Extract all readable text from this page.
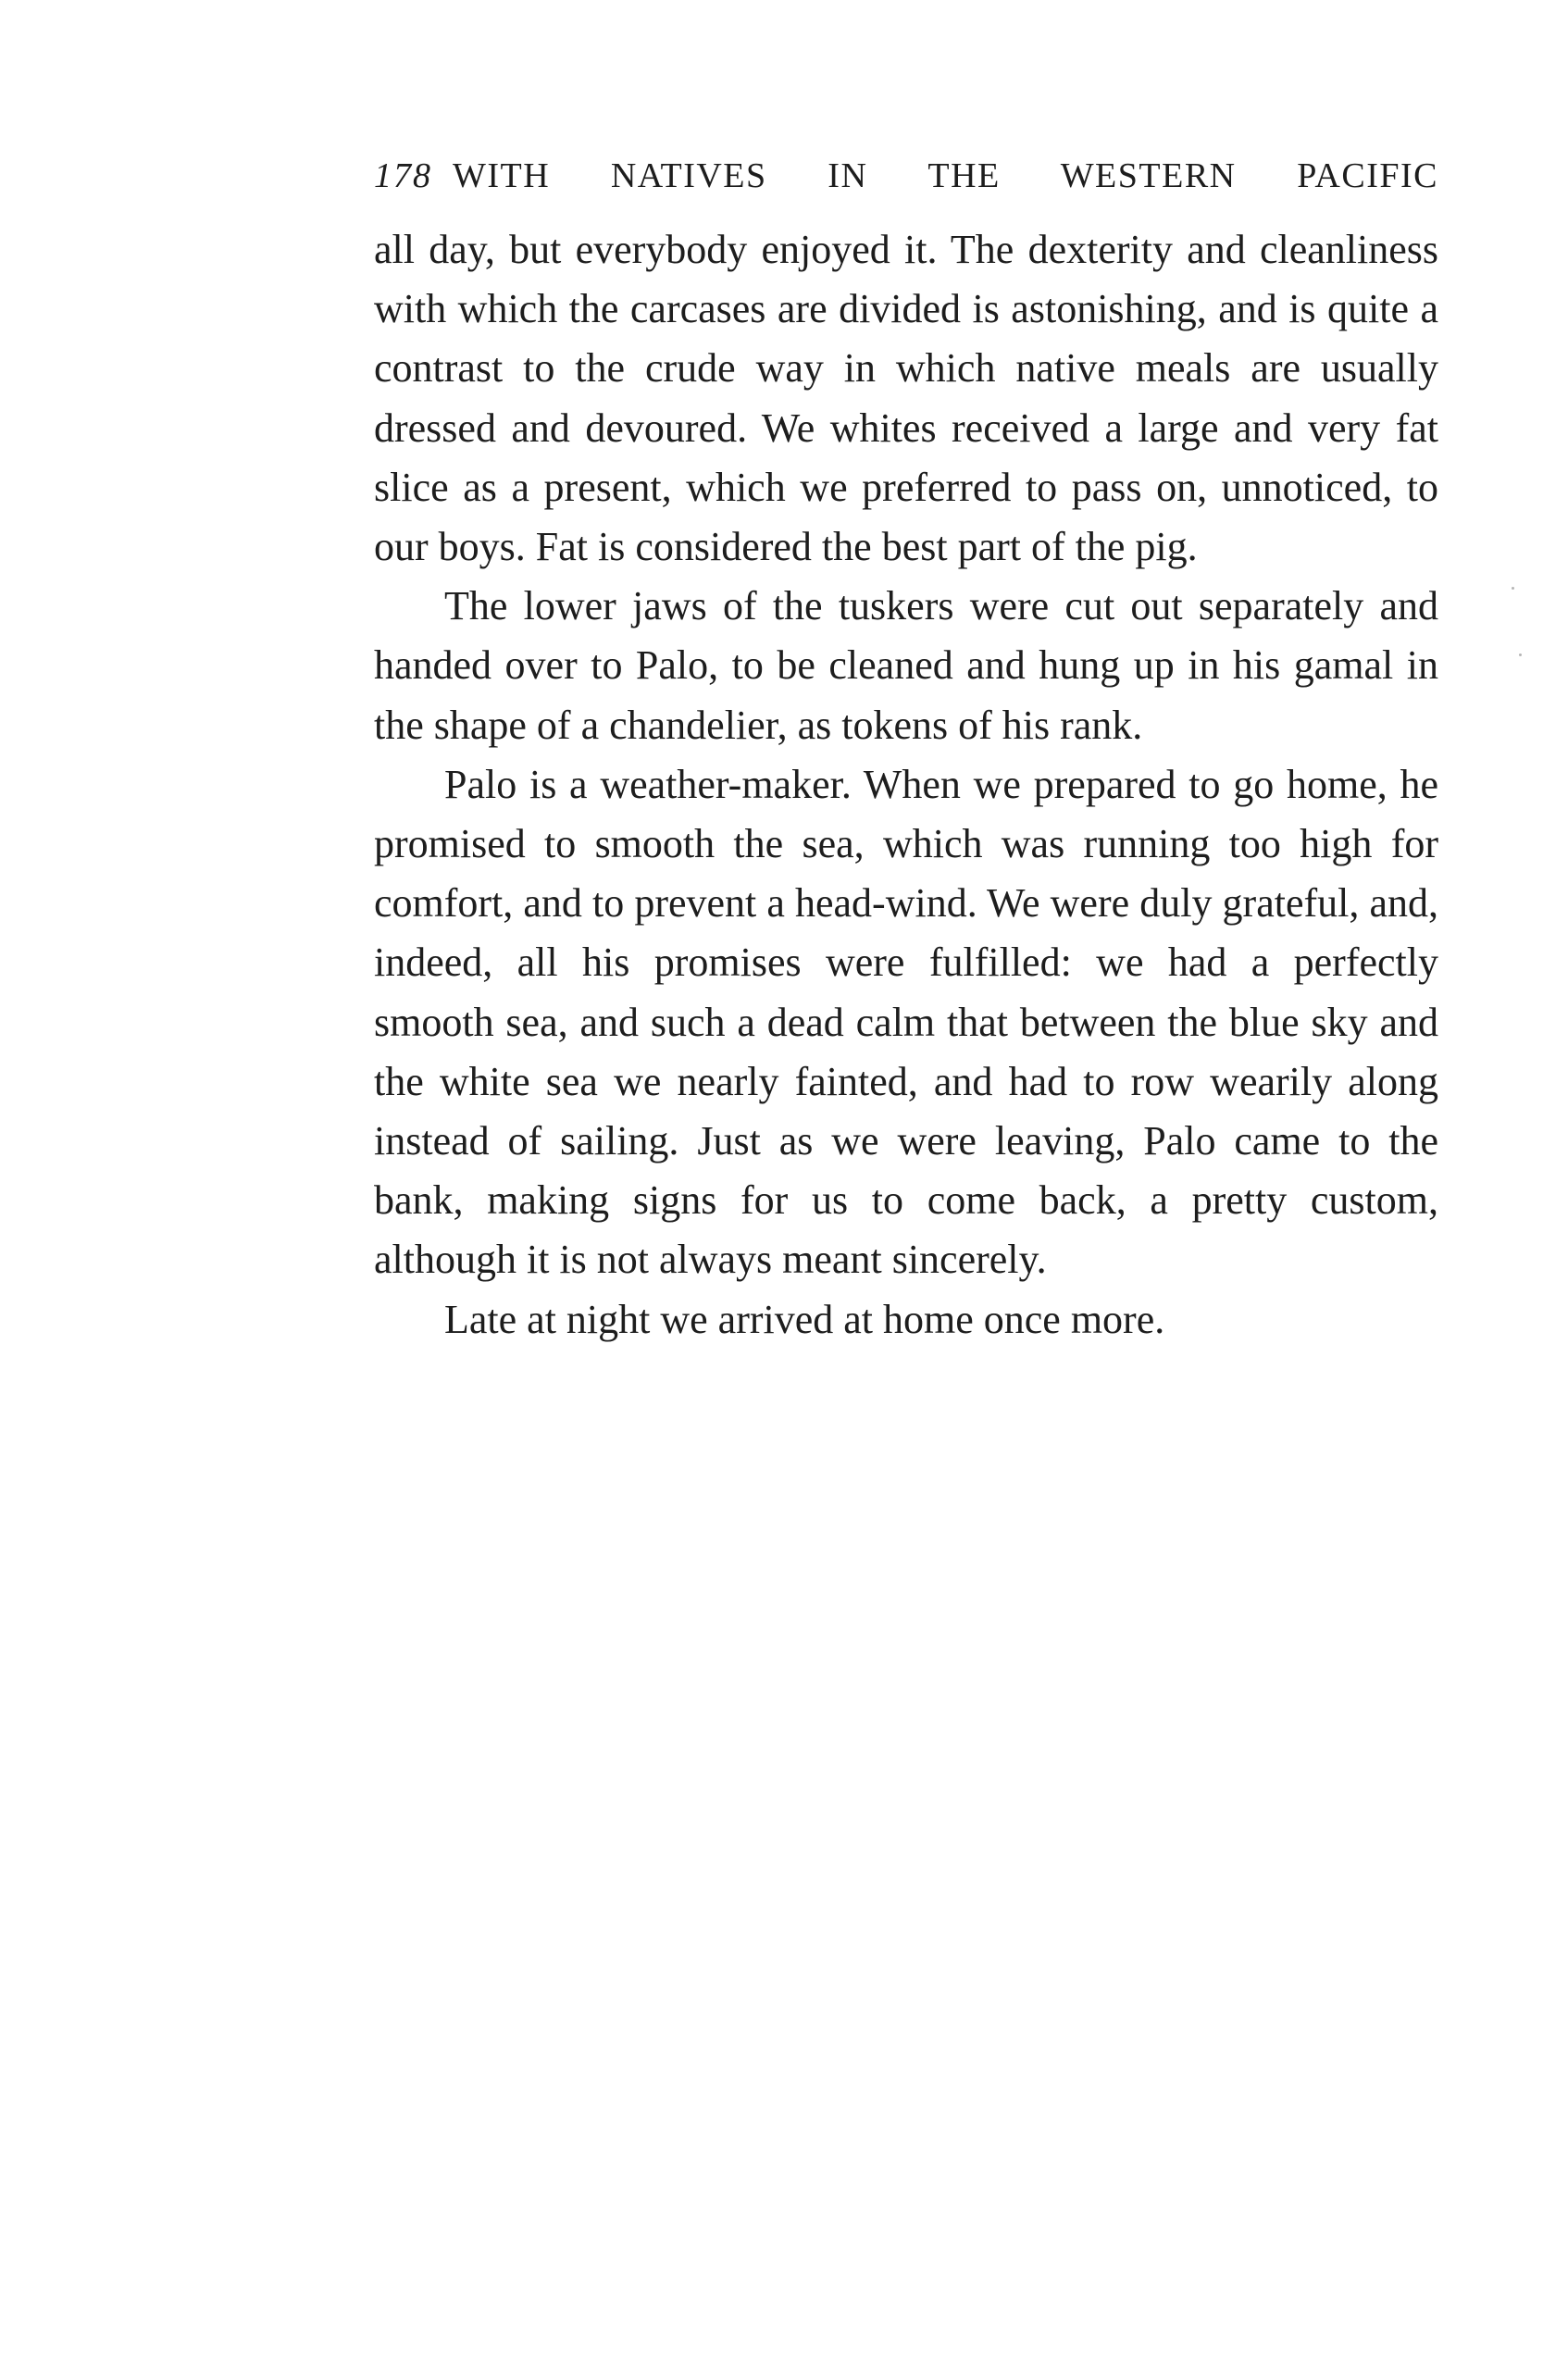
178 WITH NATIVES IN THE WESTERN PACIFIC

all day, but everybody enjoyed it. The dexterity and cleanliness with which the carcases are divided is astonishing, and is quite a contrast to the crude way in which native meals are usually dressed and devoured. We whites received a large and very fat slice as a present, which we preferred to pass on, unnoticed, to our boys. Fat is considered the best part of the pig.

The lower jaws of the tuskers were cut out separately and handed over to Palo, to be cleaned and hung up in his gamal in the shape of a chandelier, as tokens of his rank.

Palo is a weather-maker. When we prepared to go home, he promised to smooth the sea, which was running too high for comfort, and to prevent a head-wind. We were duly grateful, and, indeed, all his promises were fulfilled: we had a perfectly smooth sea, and such a dead calm that between the blue sky and the white sea we nearly fainted, and had to row wearily along instead of sailing. Just as we were leaving, Palo came to the bank, making signs for us to come back, a pretty custom, although it is not always meant sincerely.

Late at night we arrived at home once more.
